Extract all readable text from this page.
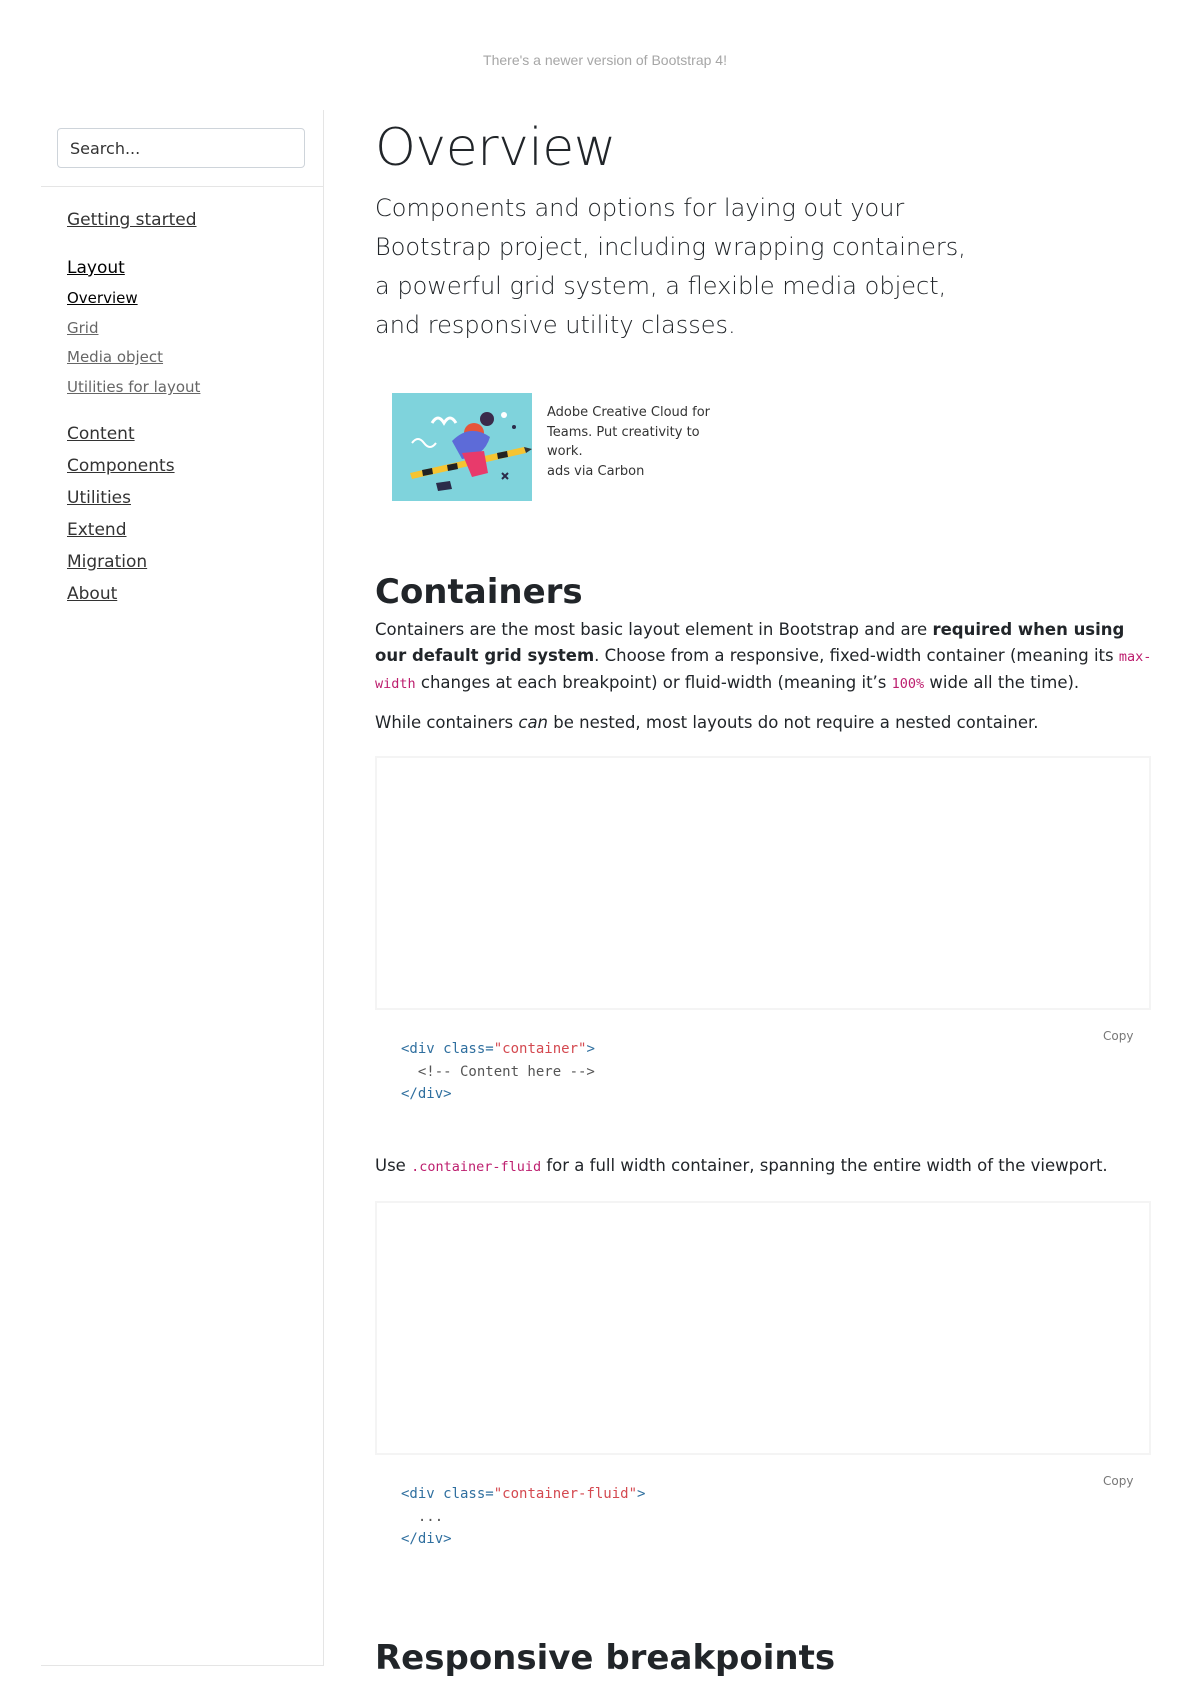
There's a newer version of Bootstrap 4!
Search...
Getting started
Layout
Overview
Grid
Media object
Utilities for layout
Content
Components
Utilities
Extend
Migration
About
Overview

Components and options for laying out your Bootstrap project, including wrapping containers, a powerful grid system, a flexible media object, and responsive utility classes.

Adobe Creative Cloud for Teams. Put creativity to work.
ads via Carbon
Containers

Containers are the most basic layout element in Bootstrap and are required when using our default grid system. Choose from a responsive, fixed-width container (meaning its max-width changes at each breakpoint) or fluid-width (meaning it’s 100% wide all the time).

While containers can be nested, most layouts do not require a nested container.

Copy
<div class="container">
<!-- Content here -->
</div>

Use .container-fluid for a full width container, spanning the entire width of the viewport.

Copy
<div class="container-fluid">
...
</div>
Responsive breakpoints
